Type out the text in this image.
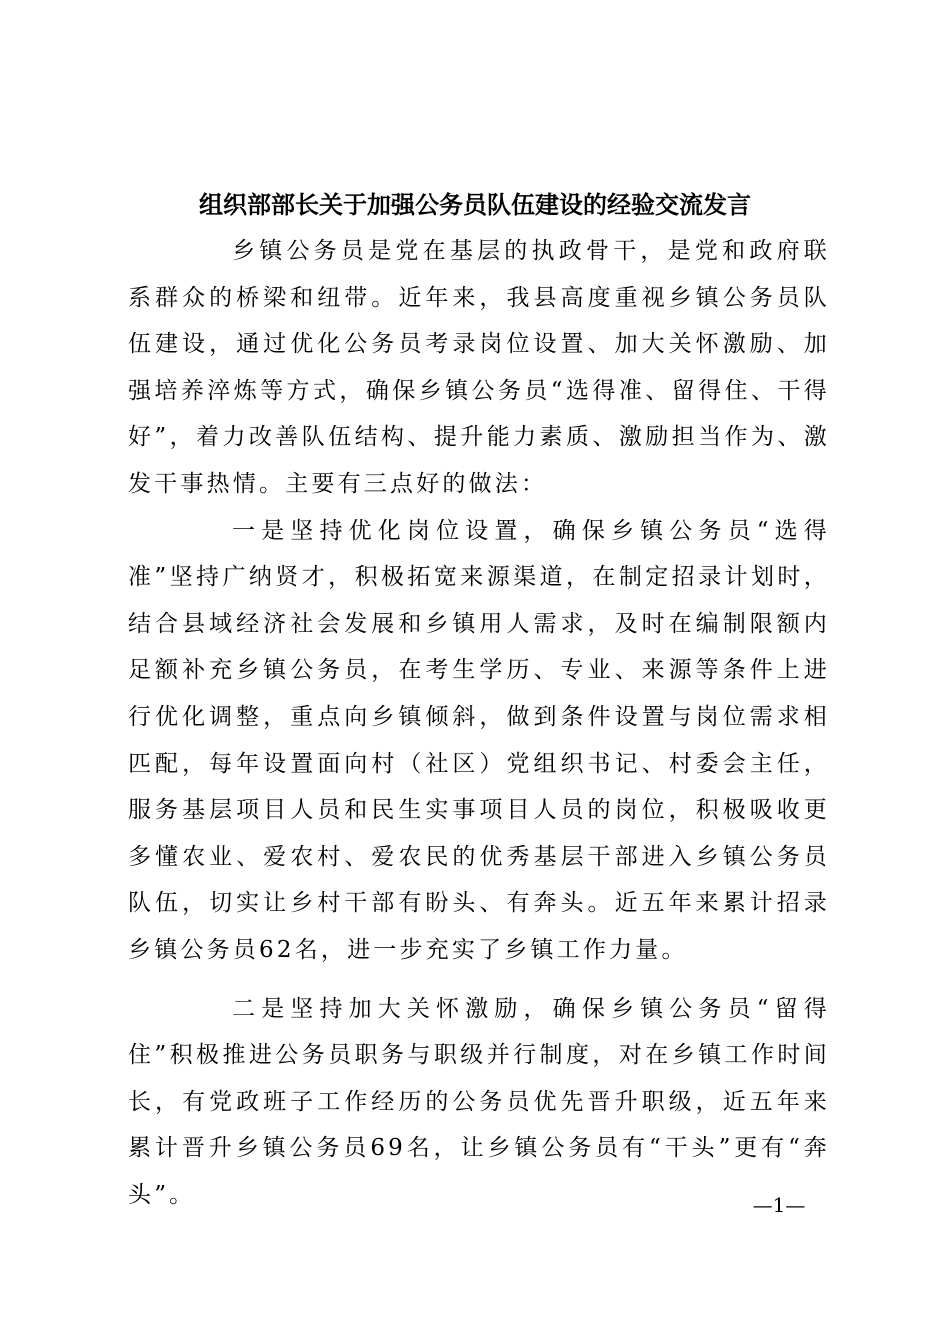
组织部部长关于加强公务员队伍建设的经验交流发言

乡镇公务员是党在基层的执政骨干，是党和政府联系群众的桥梁和纽带。近年来，我县高度重视乡镇公务员队伍建设，通过优化公务员考录岗位设置、加大关怀激励、加强培养淬炼等方式，确保乡镇公务员“选得准、留得住、干得好”，着力改善队伍结构、提升能力素质、激励担当作为、激发干事热情。主要有三点好的做法：

一是坚持优化岗位设置，确保乡镇公务员“选得准”坚持广纳贤才，积极拓宽来源渠道，在制定招录计划时，结合县域经济社会发展和乡镇用人需求，及时在编制限额内足额补充乡镇公务员，在考生学历、专业、来源等条件上进行优化调整，重点向乡镇倾斜，做到条件设置与岗位需求相匹配，每年设置面向村（社区）党组织书记、村委会主任，服务基层项目人员和民生实事项目人员的岗位，积极吸收更多懂农业、爱农村、爱农民的优秀基层干部进入乡镇公务员队伍，切实让乡村干部有盼头、有奔头。近五年来累计招录乡镇公务员62名，进一步充实了乡镇工作力量。

二是坚持加大关怀激励，确保乡镇公务员“留得住”积极推进公务员职务与职级并行制度，对在乡镇工作时间长，有党政班子工作经历的公务员优先晋升职级，近五年来累计晋升乡镇公务员69名，让乡镇公务员有“干头”更有“奔头”。	—1—
